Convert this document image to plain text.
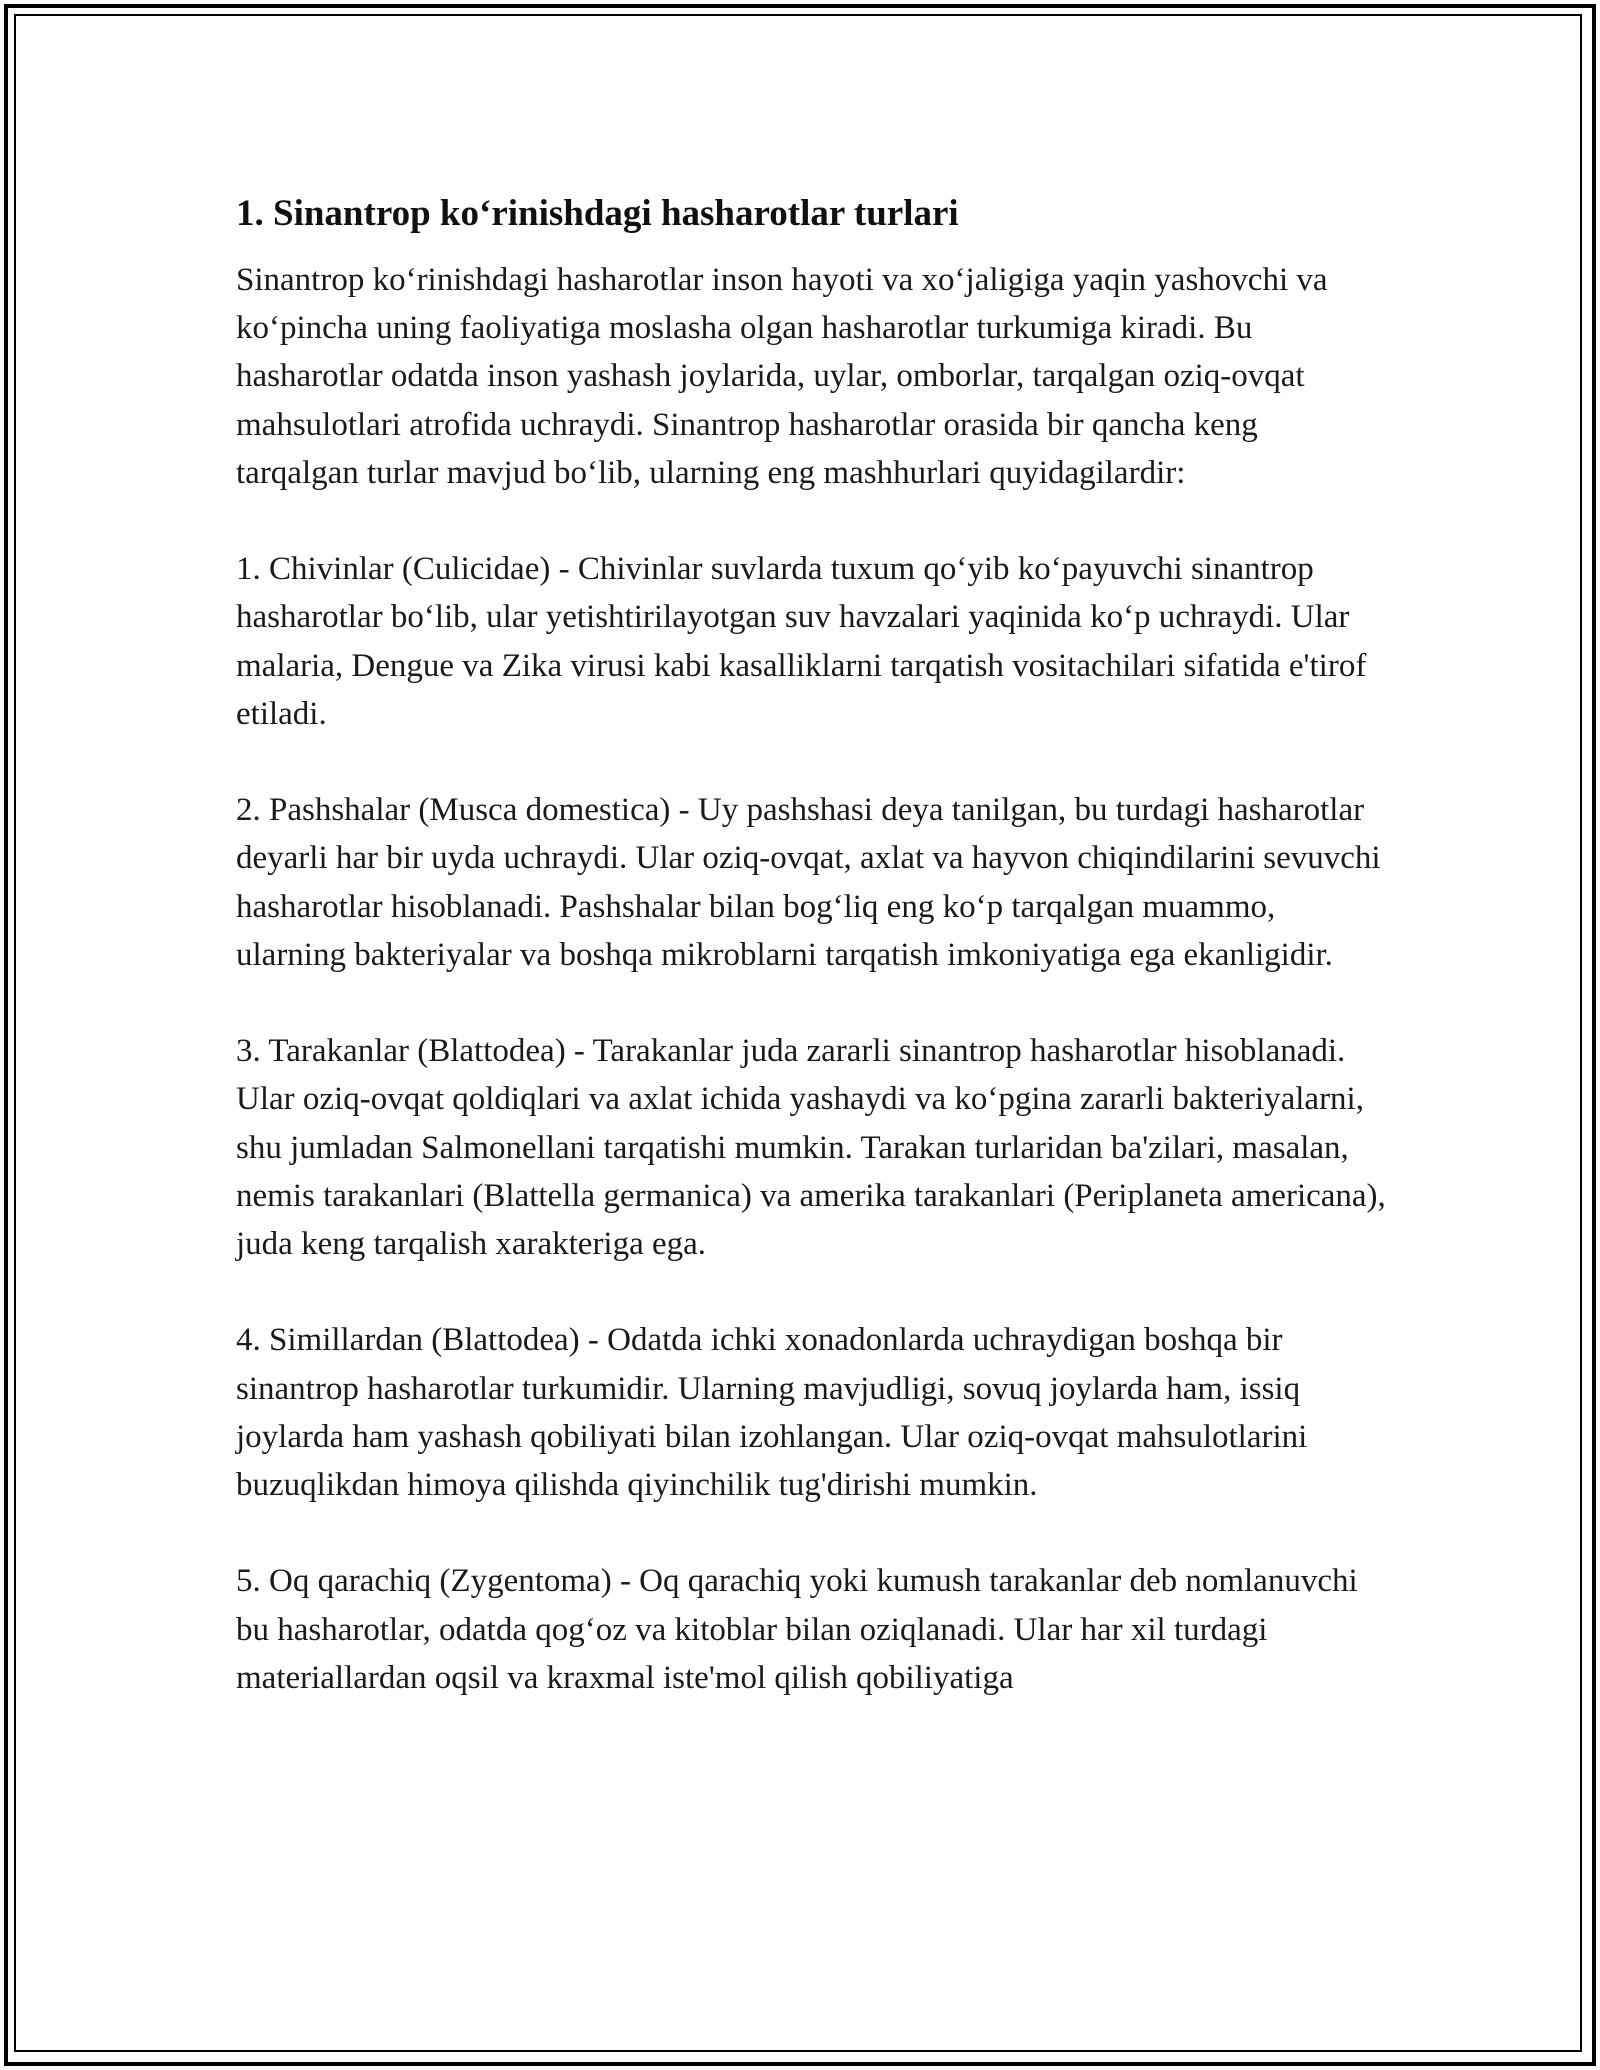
1. Sinantrop ko‘rinishdagi hasharotlar turlari

Sinantrop ko‘rinishdagi hasharotlar inson hayoti va xo‘jaligiga yaqin yashovchi va ko‘pincha uning faoliyatiga moslasha olgan hasharotlar turkumiga kiradi. Bu hasharotlar odatda inson yashash joylarida, uylar, omborlar, tarqalgan oziq-ovqat mahsulotlari atrofida uchraydi. Sinantrop hasharotlar orasida bir qancha keng tarqalgan turlar mavjud bo‘lib, ularning eng mashhurlari quyidagilardir:

1. Chivinlar (Culicidae) - Chivinlar suvlarda tuxum qo‘yib ko‘payuvchi sinantrop hasharotlar bo‘lib, ular yetishtirilayotgan suv havzalari yaqinida ko‘p uchraydi. Ular malaria, Dengue va Zika virusi kabi kasalliklarni tarqatish vositachilari sifatida e'tirof etiladi.

2. Pashshalar (Musca domestica) - Uy pashshasi deya tanilgan, bu turdagi hasharotlar deyarli har bir uyda uchraydi. Ular oziq-ovqat, axlat va hayvon chiqindilarini sevuvchi hasharotlar hisoblanadi. Pashshalar bilan bog‘liq eng ko‘p tarqalgan muammo, ularning bakteriyalar va boshqa mikroblarni tarqatish imkoniyatiga ega ekanligidir.

3. Tarakanlar (Blattodea) - Tarakanlar juda zararli sinantrop hasharotlar hisoblanadi. Ular oziq-ovqat qoldiqlari va axlat ichida yashaydi va ko‘pgina zararli bakteriyalarni, shu jumladan Salmonellani tarqatishi mumkin. Tarakan turlaridan ba'zilari, masalan, nemis tarakanlari (Blattella germanica) va amerika tarakanlari (Periplaneta americana), juda keng tarqalish xarakteriga ega.

4. Simillardan (Blattodea) - Odatda ichki xonadonlarda uchraydigan boshqa bir sinantrop hasharotlar turkumidir. Ularning mavjudligi, sovuq joylarda ham, issiq joylarda ham yashash qobiliyati bilan izohlangan. Ular oziq-ovqat mahsulotlarini buzuqlikdan himoya qilishda qiyinchilik tug'dirishi mumkin.

5. Oq qarachiq (Zygentoma) - Oq qarachiq yoki kumush tarakanlar deb nomlanuvchi bu hasharotlar, odatda qog‘oz va kitoblar bilan oziqlanadi. Ular har xil turdagi materiallardan oqsil va kraxmal iste'mol qilish qobiliyatiga
